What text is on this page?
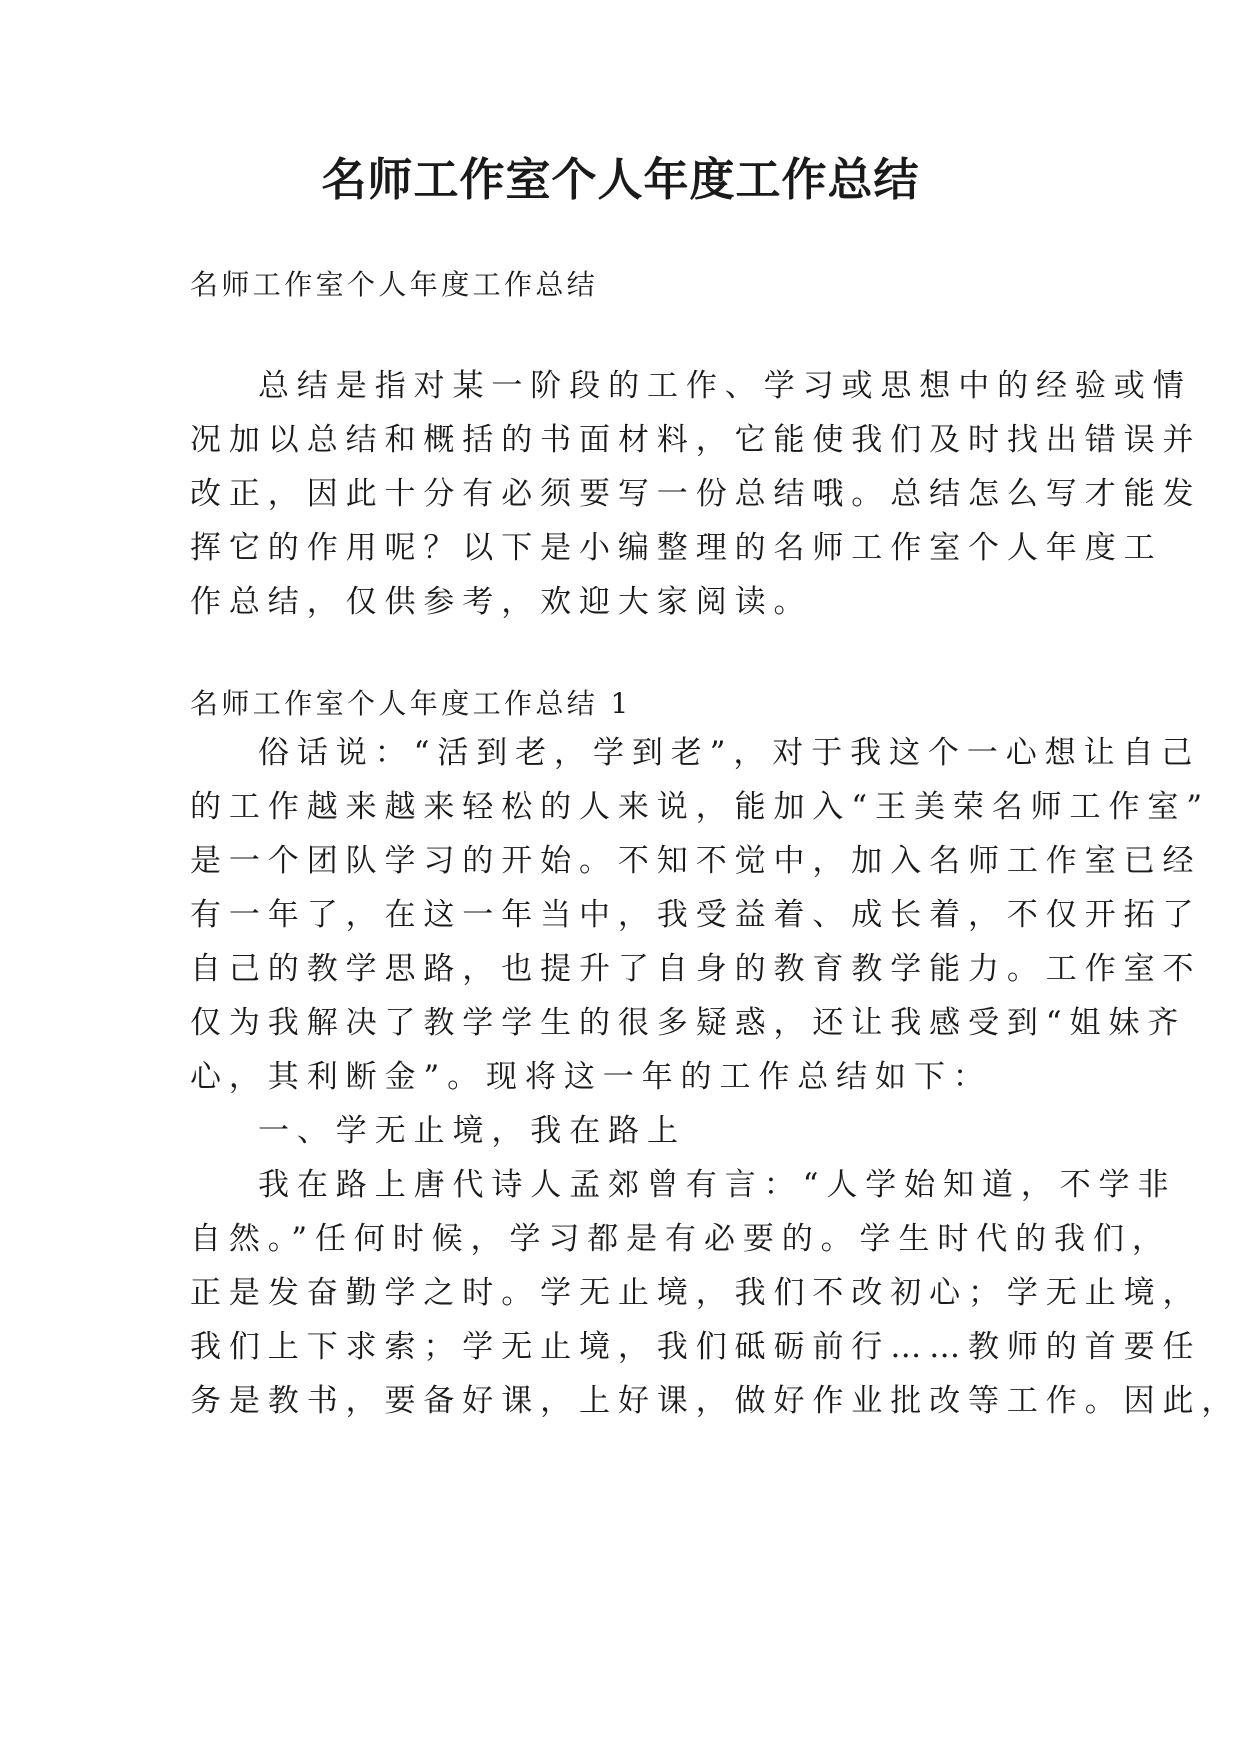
名师工作室个人年度工作总结
名师工作室个人年度工作总结
总结是指对某一阶段的工作、学习或思想中的经验或情
况加以总结和概括的书面材料，它能使我们及时找出错误并
改正，因此十分有必须要写一份总结哦。总结怎么写才能发
挥它的作用呢？以下是小编整理的名师工作室个人年度工
作总结，仅供参考，欢迎大家阅读。
名师工作室个人年度工作总结 1
俗话说：“活到老，学到老”，对于我这个一心想让自己
的工作越来越来轻松的人来说，能加入“王美荣名师工作室”
是一个团队学习的开始。不知不觉中，加入名师工作室已经
有一年了，在这一年当中，我受益着、成长着，不仅开拓了
自己的教学思路，也提升了自身的教育教学能力。工作室不
仅为我解决了教学学生的很多疑惑，还让我感受到“姐妹齐
心，其利断金”。现将这一年的工作总结如下：
一、学无止境，我在路上
我在路上唐代诗人孟郊曾有言：“人学始知道，不学非
自然。”任何时候，学习都是有必要的。学生时代的我们，
正是发奋勤学之时。学无止境，我们不改初心；学无止境，
我们上下求索；学无止境，我们砥砺前行……教师的首要任
务是教书，要备好课，上好课，做好作业批改等工作。因此，
